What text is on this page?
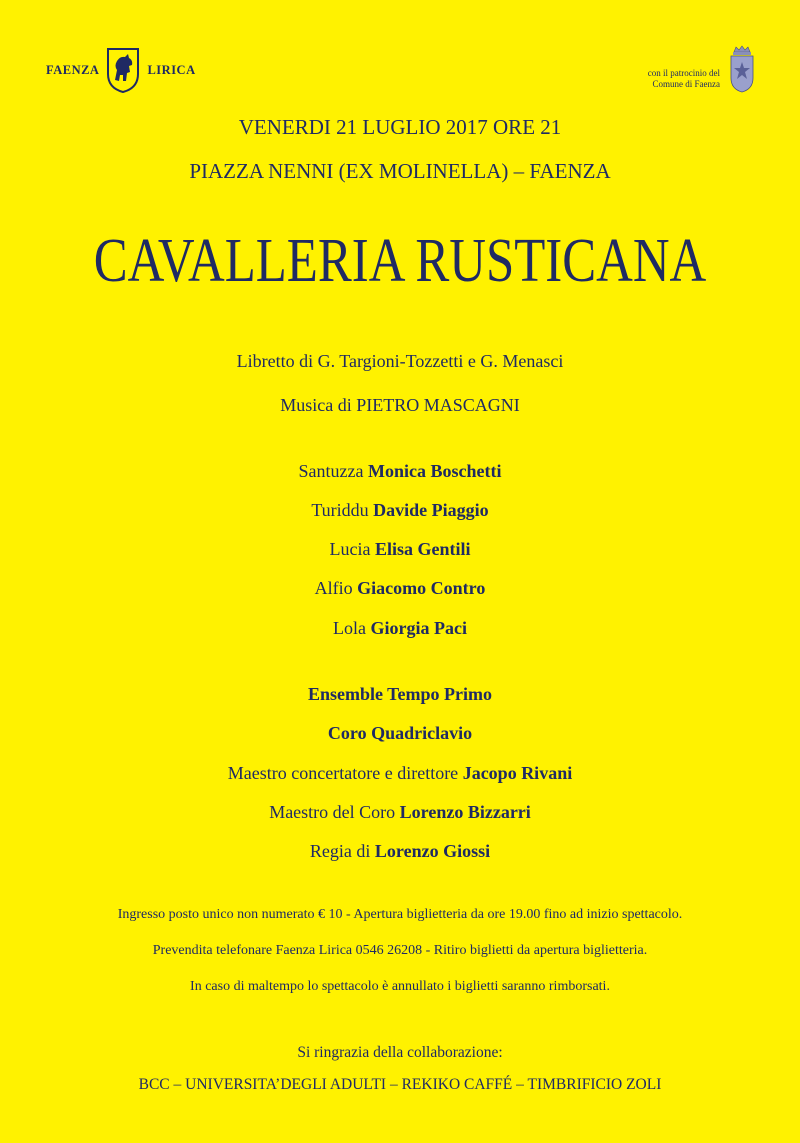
FAENZA	LIRICA	con il patrocinio del
Comune di Faenza
VENERDI 21 LUGLIO 2017 ORE 21
PIAZZA NENNI (EX MOLINELLA) – FAENZA
CAVALLERIA RUSTICANA
Libretto di G. Targioni-Tozzetti e G. Menasci
Musica di PIETRO MASCAGNI
Santuzza Monica Boschetti
Turiddu Davide Piaggio
Lucia Elisa Gentili
Alfio Giacomo Contro
Lola Giorgia Paci
Ensemble Tempo Primo
Coro Quadriclavio
Maestro concertatore e direttore Jacopo Rivani
Maestro del Coro Lorenzo Bizzarri
Regia di Lorenzo Giossi
Ingresso posto unico non numerato € 10 - Apertura biglietteria da ore 19.00 fino ad inizio spettacolo.
Prevendita telefonare Faenza Lirica 0546 26208 - Ritiro biglietti da apertura biglietteria.
In caso di maltempo lo spettacolo è annullato i biglietti saranno rimborsati.
Si ringrazia della collaborazione:
BCC – UNIVERSITA’DEGLI ADULTI – REKIKO CAFFÉ – TIMBRIFICIO ZOLI
